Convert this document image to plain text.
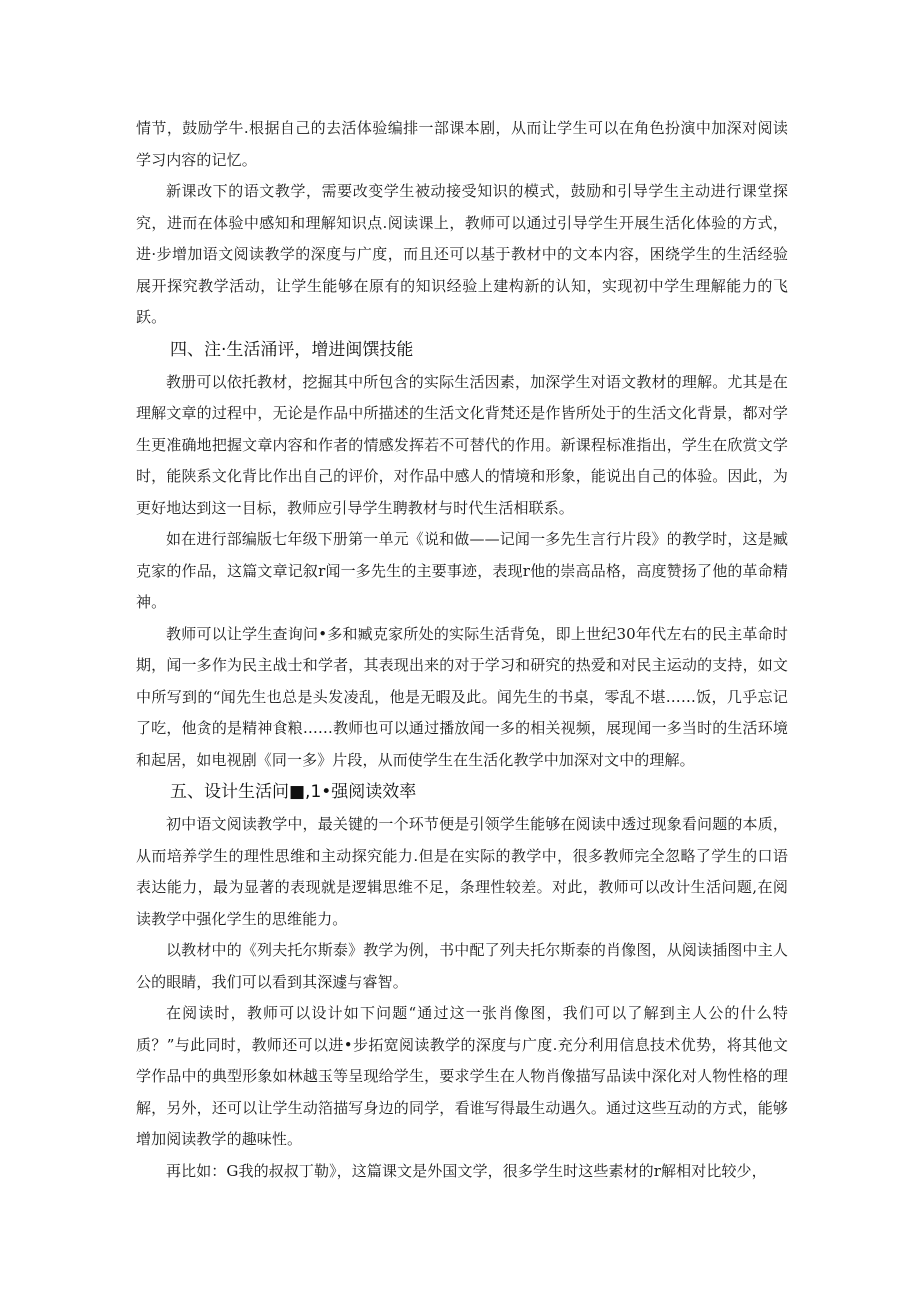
情节，鼓励学牛.根据自己的去活体验编排一部课本剧，从而让学生可以在角色扮演中加深对阅读学习内容的记忆。

新课改下的语文教学，需要改变学生被动接受知识的模式，鼓励和引导学生主动进行课堂探究，进而在体验中感知和理解知识点.阅读课上，教师可以通过引导学生开展生活化体验的方式，进·步增加语文阅读教学的深度与广度，而且还可以基于教材中的文本内容，困绕学生的生活经验展开探究教学活动，让学生能够在原有的知识经验上建构新的认知，实现初中学生理解能力的飞跃。

四、注·生活涌评，增进闽馔技能

教册可以依托教材，挖掘其中所包含的实际生活因素，加深学生对语文教材的理解。尤其是在理解文章的过程中，无论是作品中所描述的生活文化背梵还是作皆所处于的生活文化背景，都对学生更准确地把握文章内容和作者的情感发挥若不可替代的作用。新课程标准指出，学生在欣赏文学时，能陕系文化背比作出自己的评价，对作品中感人的情境和形象，能说出自己的体验。因此，为更好地达到这一目标，教师应引导学生聘教材与时代生活相联系。

如在进行部编版七年级下册第一单元《说和做——记闻一多先生言行片段》的教学时，这是臧克家的作品，这篇文章记叙r闻一多先生的主要事迹，表现r他的崇高品格，高度赞扬了他的革命精神。

教师可以让学生查询问•多和臧克家所处的实际生活背兔，即上世纪30年代左右的民主革命时期，闻一多作为民主战士和学者，其表现出来的对于学习和研究的热爱和对民主运动的支持，如文中所写到的“闻先生也总是头发凌乱，他是无暇及此。闻先生的书桌，零乱不堪……饭，几乎忘记了吃，他贪的是精神食粮……教师也可以通过播放闻一多的相关视频，展现闻一多当时的生活环境和起居，如电视剧《同一多》片段，从而使学生在生活化教学中加深对文中的理解。

五、设计生活问■,1•强阅读效率

初中语文阅读教学中，最关键的一个环节便是引领学生能够在阅读中透过现象看问题的本质，从而培养学生的理性思维和主动探究能力.但是在实际的教学中，很多教师完全忽略了学生的口语表达能力，最为显著的表现就是逻辑思维不足，条理性较差。对此，教师可以改计生活问题,在阅读教学中强化学生的思维能力。

以教材中的《列夫托尔斯泰》教学为例，书中配了列夫托尔斯泰的肖像图，从阅读插图中主人公的眼睛，我们可以看到其深遽与睿智。

在阅读时，教师可以设计如下问题“通过这一张肖像图，我们可以了解到主人公的什么特质？”与此同时，教师还可以进•步拓宽阅读教学的深度与广度.充分利用信息技术优势，将其他文学作品中的典型形象如林越玉等呈现给学生，要求学生在人物肖像描写品读中深化对人物性格的理解，另外，还可以让学生动箔描写身边的同学，看谁写得最生动遇久。通过这些互动的方式，能够增加阅读教学的趣味性。

再比如：G我的叔叔丁勒》，这篇课文是外国文学，很多学生时这些素材的r解相对比较少，
